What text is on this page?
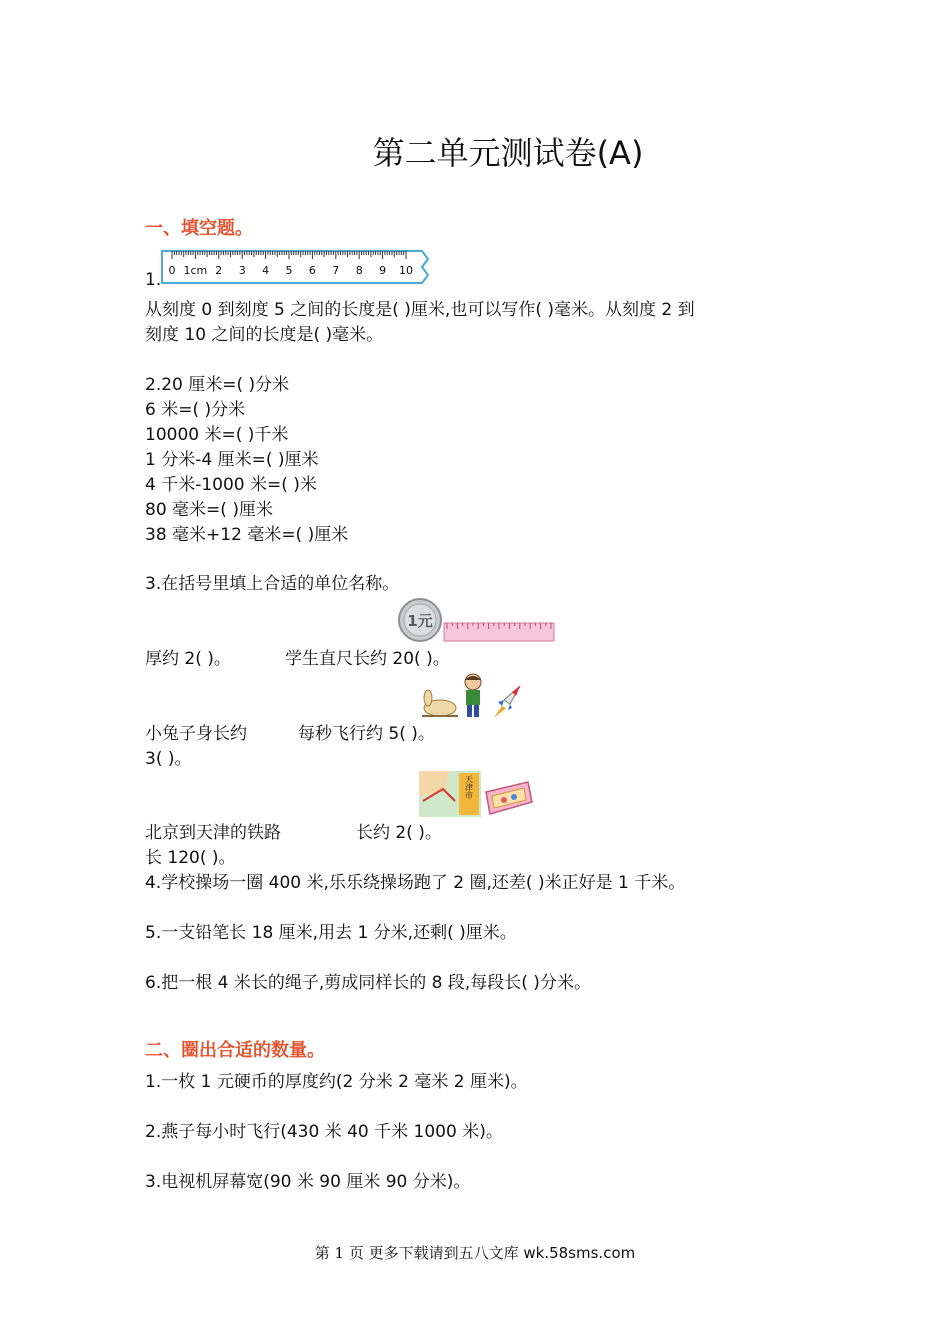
第二单元测试卷(A)
一、填空题。
1. 0 1cm 2 3 4 5 6 7 8 9 10
从刻度 0 到刻度 5 之间的长度是( )厘米,也可以写作( )毫米。从刻度 2 到
刻度 10 之间的长度是( )毫米。
2.20 厘米=( )分米
6 米=( )分米
10000 米=( )千米
1 分米-4 厘米=( )厘米
4 千米-1000 米=( )米
80 毫米=( )厘米
38 毫米+12 毫米=( )厘米
3.在括号里填上合适的单位名称。
1元
厚约 2( )。	学生直尺长约 20( )。
小兔子身长约	每秒飞行约 5( )。
3( )。
天津市
北京到天津的铁路	长约 2( )。
长 120( )。
4.学校操场一圈 400 米,乐乐绕操场跑了 2 圈,还差( )米正好是 1 千米。
5.一支铅笔长 18 厘米,用去 1 分米,还剩( )厘米。
6.把一根 4 米长的绳子,剪成同样长的 8 段,每段长( )分米。
二、圈出合适的数量。
1.一枚 1 元硬币的厚度约(2 分米 2 毫米 2 厘米)。
2.燕子每小时飞行(430 米 40 千米 1000 米)。
3.电视机屏幕宽(90 米 90 厘米 90 分米)。
第 1 页 更多下载请到五八文库 wk.58sms.com
